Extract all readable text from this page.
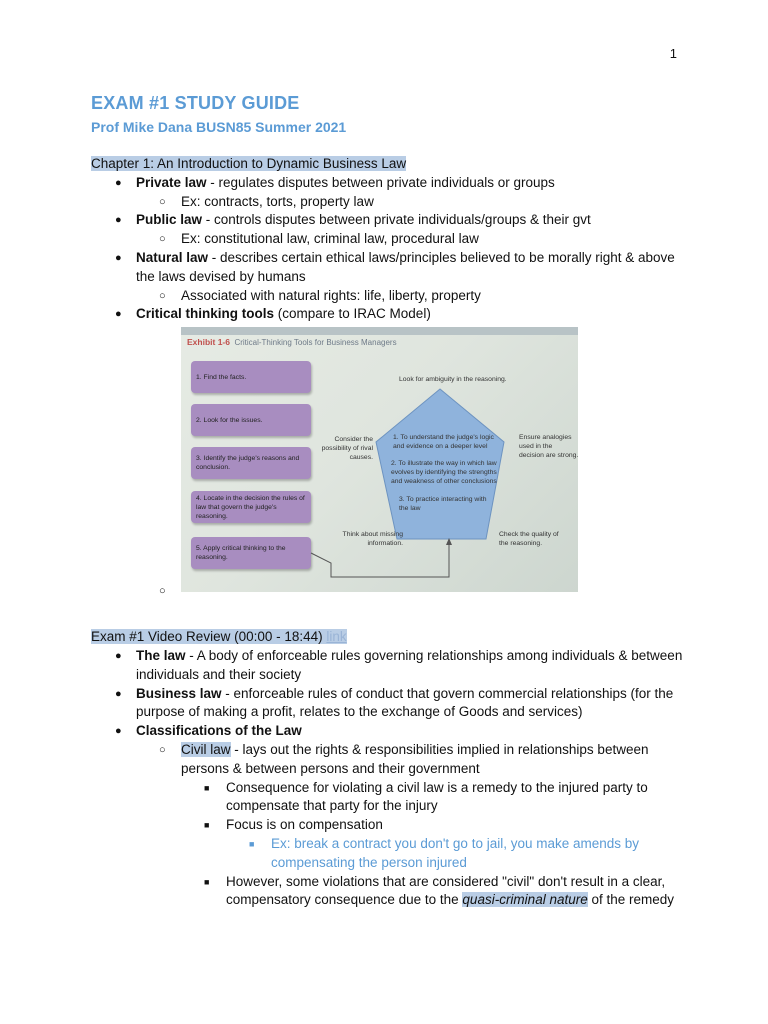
1
EXAM #1 STUDY GUIDE
Prof Mike Dana BUSN85 Summer 2021
Chapter 1: An Introduction to Dynamic Business Law
● Private law - regulates disputes between private individuals or groups
○ Ex: contracts, torts, property law
● Public law - controls disputes between private individuals/groups & their gvt
○ Ex: constitutional law, criminal law, procedural law
● Natural law - describes certain ethical laws/principles believed to be morally right & above the laws devised by humans
○ Associated with natural rights: life, liberty, property
● Critical thinking tools (compare to IRAC Model)
Exhibit 1-6 Critical-Thinking Tools for Business Managers
1. Find the facts.
2. Look for the issues.
3. Identify the judge's reasons and conclusion.
4. Locate in the decision the rules of law that govern the judge's reasoning.
5. Apply critical thinking to the reasoning.
Look for ambiguity in the reasoning.
Consider the possibility of rival causes.
Ensure analogies used in the decision are strong.
Think about missing information.
Check the quality of the reasoning.
1. To understand the judge's logic and evidence on a deeper level
2. To illustrate the way in which law evolves by identifying the strengths and weakness of other conclusions
3. To practice interacting with the law
○
Exam #1 Video Review (00:00 - 18:44) link
● The law - A body of enforceable rules governing relationships among individuals & between individuals and their society
● Business law - enforceable rules of conduct that govern commercial relationships (for the purpose of making a profit, relates to the exchange of Goods and services)
● Classifications of the Law
○ Civil law - lays out the rights & responsibilities implied in relationships between persons & between persons and their government
■ Consequence for violating a civil law is a remedy to the injured party to compensate that party for the injury
■ Focus is on compensation
■ Ex: break a contract you don't go to jail, you make amends by compensating the person injured
■ However, some violations that are considered "civil" don't result in a clear, compensatory consequence due to the quasi-criminal nature of the remedy
